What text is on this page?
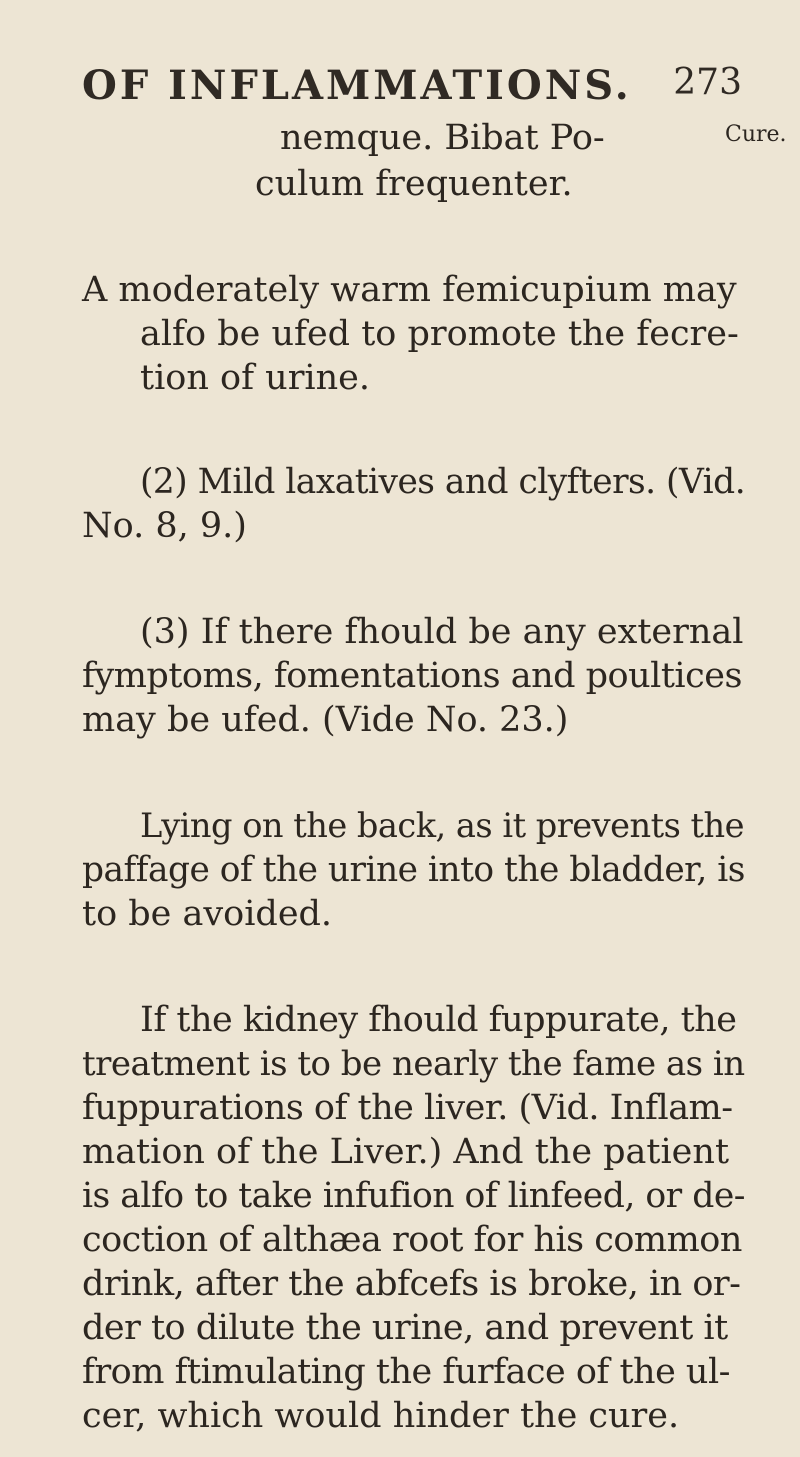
OF INFLAMMATIONS. 273
Cure.
nemque. Bibat Po-
culum frequenter.
A moderately warm femicupium may
alfo be ufed to promote the fecre-
tion of urine.
(2) Mild laxatives and clyfters. (Vid.
No. 8, 9.)
(3) If there fhould be any external
fymptoms, fomentations and poultices
may be ufed. (Vide No. 23.)
Lying on the back, as it prevents the
paffage of the urine into the bladder, is
to be avoided.
If the kidney fhould fuppurate, the
treatment is to be nearly the fame as in
fuppurations of the liver. (Vid. Inflam-
mation of the Liver.) And the patient
is alfo to take infufion of linfeed, or de-
coction of althæa root for his common
drink, after the abfcefs is broke, in or-
der to dilute the urine, and prevent it
from ftimulating the furface of the ul-
cer, which would hinder the cure.
